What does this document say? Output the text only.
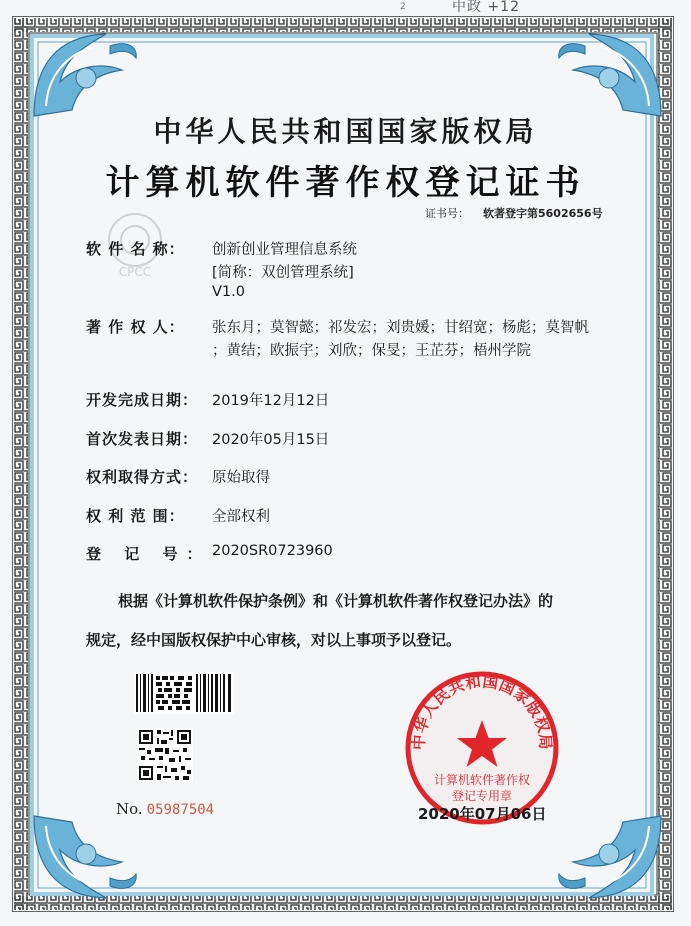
2	中政 +12
CPCC
中华人民共和国国家版权局
计算机软件著作权登记证书
证书号： 软著登字第5602656号
软 件 名 称： 创新创业管理信息系统
[简称：双创管理系统]
V1.0
著 作 权 人： 张东月；莫智懿；祁发宏；刘贵媛；甘绍宽；杨彪；莫智帆
；黄结；欧振宇；刘欣；保旻；王芷芬；梧州学院
开发完成日期： 2019年12月12日
首次发表日期： 2020年05月15日
权利取得方式： 原始取得
权 利 范 围： 全部权利
登 记 号： 2020SR0723960
根据《计算机软件保护条例》和《计算机软件著作权登记办法》的
规定，经中国版权保护中心审核，对以上事项予以登记。
No. 05987504
中华人民共和国国家版权局
计算机软件著作权
登记专用章
2020年07月06日
